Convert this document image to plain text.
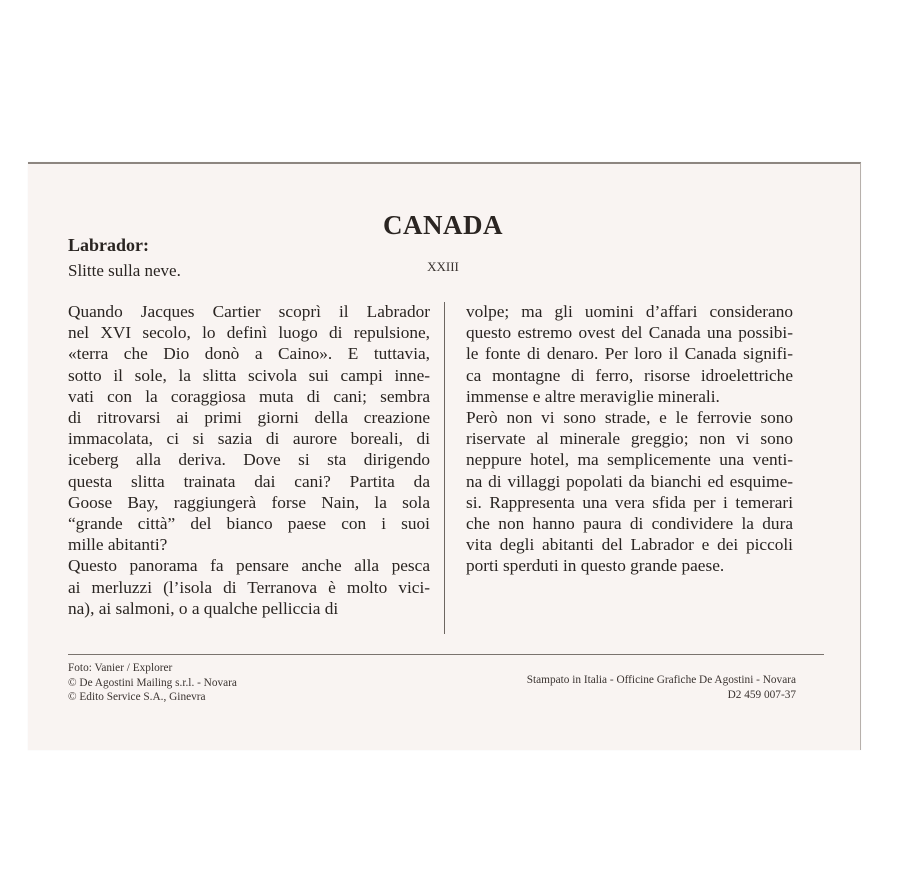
Labrador:
Slitte sulla neve.
CANADA
XXIII
Quando Jacques Cartier scoprì il Labrador
nel XVI secolo, lo definì luogo di repulsione,
«terra che Dio donò a Caino». E tuttavia,
sotto il sole, la slitta scivola sui campi inne-
vati con la coraggiosa muta di cani; sembra
di ritrovarsi ai primi giorni della creazione
immacolata, ci si sazia di aurore boreali, di
iceberg alla deriva. Dove si sta dirigendo
questa slitta trainata dai cani? Partita da
Goose Bay, raggiungerà forse Nain, la sola
“grande città” del bianco paese con i suoi
mille abitanti?
Questo panorama fa pensare anche alla pesca
ai merluzzi (l’isola di Terranova è molto vici-
na), ai salmoni, o a qualche pelliccia di
volpe; ma gli uomini d’affari considerano
questo estremo ovest del Canada una possibi-
le fonte di denaro. Per loro il Canada signifi-
ca montagne di ferro, risorse idroelettriche
immense e altre meraviglie minerali.
Però non vi sono strade, e le ferrovie sono
riservate al minerale greggio; non vi sono
neppure hotel, ma semplicemente una venti-
na di villaggi popolati da bianchi ed esquime-
si. Rappresenta una vera sfida per i temerari
che non hanno paura di condividere la dura
vita degli abitanti del Labrador e dei piccoli
porti sperduti in questo grande paese.
Foto: Vanier / Explorer
© De Agostini Mailing s.r.l. - Novara
© Edito Service S.A., Ginevra
Stampato in Italia - Officine Grafiche De Agostini - Novara
D2 459 007-37
